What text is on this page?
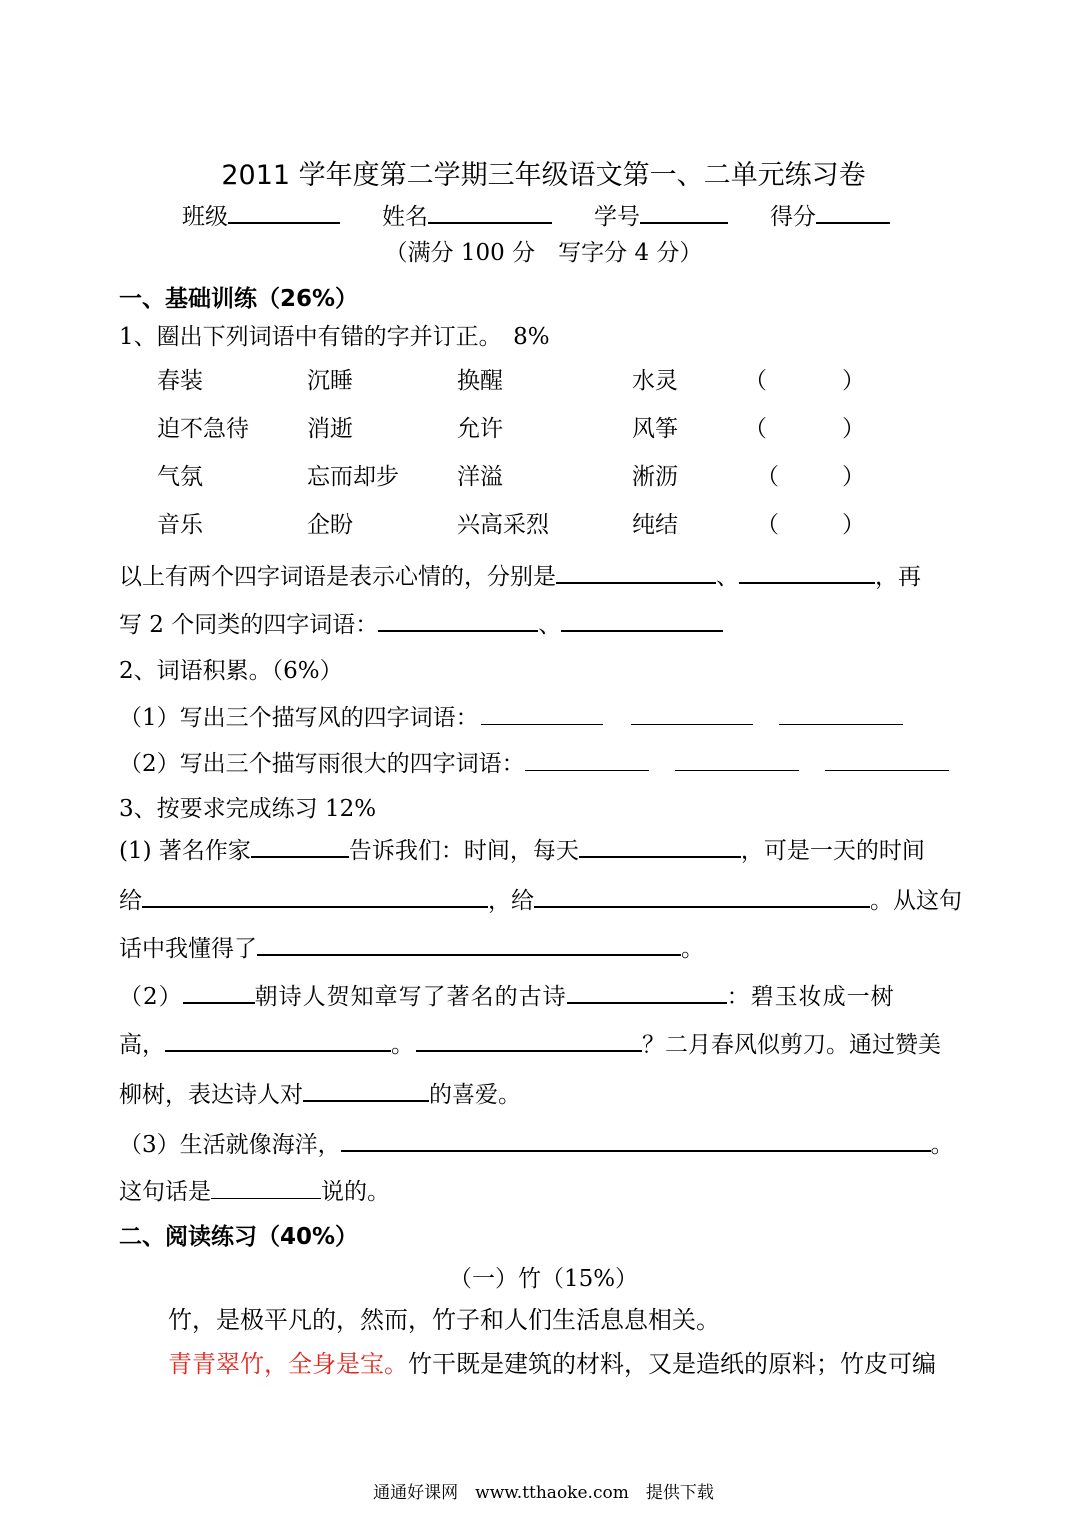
2011 学年度第二学期三年级语文第一、二单元练习卷
班级	姓名	学号	得分
（满分 100 分　写字分 4 分）
一、基础训练（26%）
1、圈出下列词语中有错的字并订正。　8%
春装	沉睡	换醒	水灵	（	）
迫不急待	消逝	允许	风筝	（	）
气氛	忘而却步	洋溢	淅沥	（	）
音乐	企盼	兴高采烈	纯结	（	）
以上有两个四字词语是表示心情的，分别是	、	，再
写 2 个同类的四字词语：	、
2、词语积累。（6%）
（1）写出三个描写风的四字词语：
（2）写出三个描写雨很大的四字词语：
3、按要求完成练习 12%
(1) 著名作家	告诉我们：时间，每天	，可是一天的时间
给	，给	。从这句
话中我懂得了	。
（2）	朝诗人贺知章写了著名的古诗	：碧玉妆成一树
高，	。	？二月春风似剪刀。通过赞美
柳树，表达诗人对	的喜爱。
（3）生活就像海洋，	。
这句话是	说的。
二、阅读练习（40%）
（一）竹（15%）
竹，是极平凡的，然而，竹子和人们生活息息相关。
青青翠竹，全身是宝。竹干既是建筑的材料，又是造纸的原料；竹皮可编
通通好课网　www.tthaoke.com　提供下载
